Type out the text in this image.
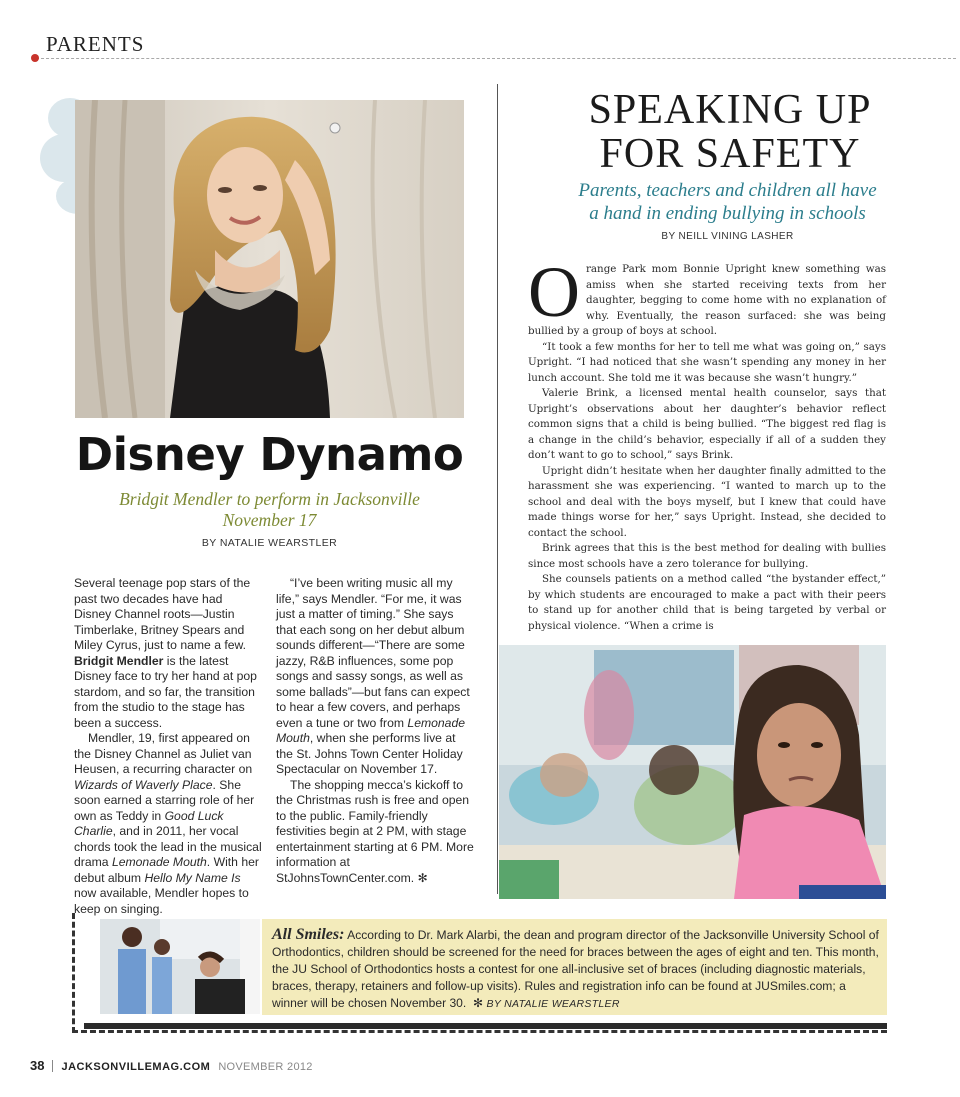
PARENTS
Disney Dynamo
Bridgit Mendler to perform in Jacksonville
November 17
BY NATALIE WEARSTLER

Several teenage pop stars of the past two decades have had Disney Channel roots—Justin Timberlake, Britney Spears and Miley Cyrus, just to name a few. Bridgit Mendler is the latest Disney face to try her hand at pop stardom, and so far, the transition from the studio to the stage has been a success.

Mendler, 19, first appeared on the Disney Channel as Juliet van Heusen, a recurring character on Wizards of Waverly Place. She soon earned a starring role of her own as Teddy in Good Luck Charlie, and in 2011, her vocal chords took the lead in the musical drama Lemonade Mouth. With her debut album Hello My Name Is now available, Mendler hopes to keep on singing.

“I’ve been writing music all my life,” says Mendler. “For me, it was just a matter of timing.” She says that each song on her debut album sounds different—“There are some jazzy, R&B influences, some pop songs and sassy songs, as well as some ballads”—but fans can expect to hear a few covers, and perhaps even a tune or two from Lemonade Mouth, when she performs live at the St. Johns Town Center Holiday Spectacular on November 17.

The shopping mecca’s kickoff to the Christmas rush is free and open to the public. Family-friendly festivities begin at 2 PM, with stage entertainment starting at 6 PM. More information at StJohnsTownCenter.com. ✻

SPEAKING UP
FOR SAFETY
Parents, teachers and children all have
a hand in ending bullying in schools
BY NEILL VINING LASHER

Orange Park mom Bonnie Upright knew something was amiss when she started receiving texts from her daughter, begging to come home with no explanation of why. Eventually, the reason surfaced: she was being bullied by a group of boys at school.

“It took a few months for her to tell me what was going on,” says Upright. “I had noticed that she wasn’t spending any money in her lunch account. She told me it was because she wasn’t hungry.”

Valerie Brink, a licensed mental health counselor, says that Upright’s observations about her daughter’s behavior reflect common signs that a child is being bullied. “The biggest red flag is a change in the child’s behavior, especially if all of a sudden they don’t want to go to school,” says Brink.

Upright didn’t hesitate when her daughter finally admitted to the harassment she was experiencing. “I wanted to march up to the school and deal with the boys myself, but I knew that could have made things worse for her,” says Upright. Instead, she decided to contact the school.

Brink agrees that this is the best method for dealing with bullies since most schools have a zero tolerance for bullying.

She counsels patients on a method called “the bystander effect,” by which students are encouraged to make a pact with their peers to stand up for another child that is being targeted by verbal or physical violence. “When a crime is

All Smiles: According to Dr. Mark Alarbi, the dean and program director of the Jacksonville University School of Orthodontics, children should be screened for the need for braces between the ages of eight and ten. This month, the JU School of Orthodontics hosts a contest for one all-inclusive set of braces (including diagnostic materials, braces, therapy, retainers and follow-up visits). Rules and registration info can be found at JUSmiles.com; a winner will be chosen November 30. ✻ BY NATALIE WEARSTLER
38 JACKSONVILLEMAG.COM NOVEMBER 2012
